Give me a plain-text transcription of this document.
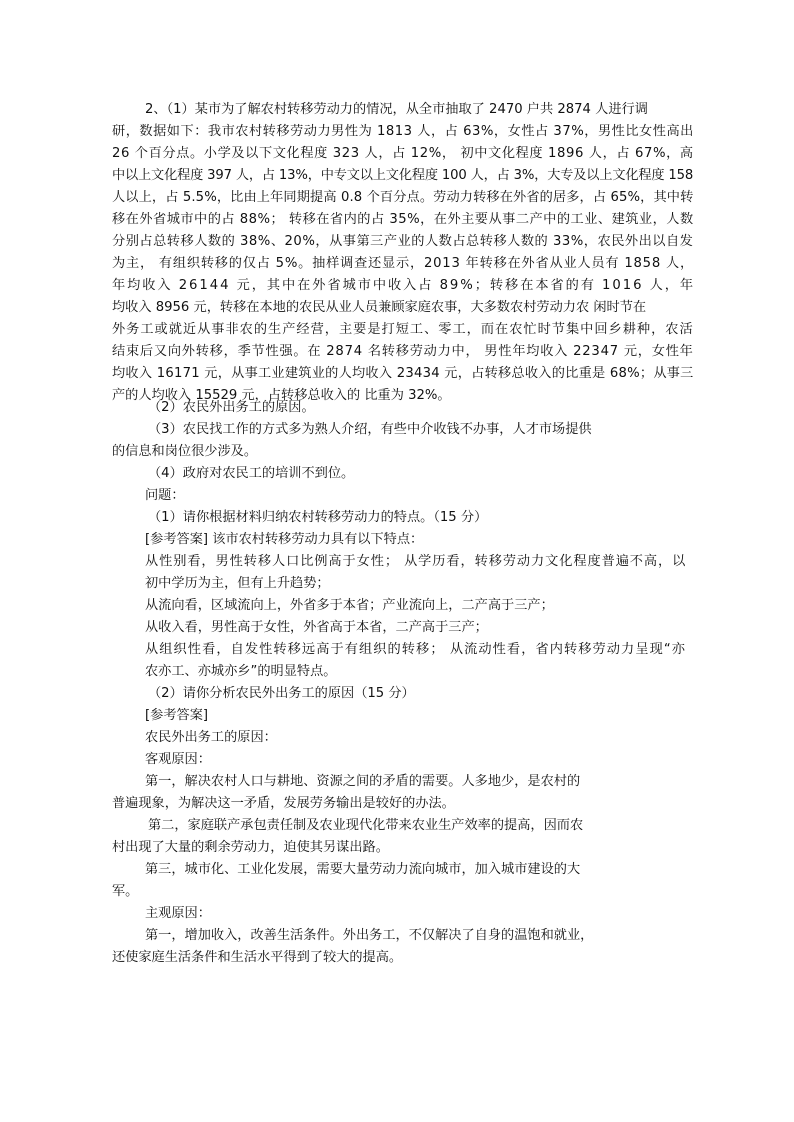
2、（1）某市为了解农村转移劳动力的情况，从全市抽取了 2470 户共 2874 人进行调
研，数据如下：我市农村转移劳动力男性为 1813 人，占 63%，女性占 37%，男性比女性高出
26 个百分点。小学及以下文化程度 323 人，占 12%， 初中文化程度 1896 人，占 67%，高
中以上文化程度 397 人，占 13%，中专文以上文化程度 100 人，占 3%，大专及以上文化程度 158
人以上，占 5.5%，比由上年同期提高 0.8 个百分点。劳动力转移在外省的居多，占 65%，其中转
移在外省城市中的占 88%； 转移在省内的占 35%，在外主要从事二产中的工业、建筑业，人数
分别占总转移人数的 38%、20%，从事第三产业的人数占总转移人数的 33%，农民外出以自发
为主， 有组织转移的仅占 5%。抽样调查还显示，2013 年转移在外省从业人员有 1858 人，
年均收入 26144 元，其中在外省城市中收入占 89%；转移在本省的有 1016 人，年
均收入 8956 元，转移在本地的农民从业人员兼顾家庭农事，大多数农村劳动力农 闲时节在
外务工或就近从事非农的生产经营，主要是打短工、零工，而在农忙时节集中回乡耕种，农活
结束后又向外转移，季节性强。在 2874 名转移劳动力中， 男性年均收入 22347 元，女性年
均收入 16171 元，从事工业建筑业的人均收入 23434 元，占转移总收入的比重是 68%；从事三
产的人均收入 15529 元，占转移总收入的 比重为 32%。
（2）农民外出务工的原因。
（3）农民找工作的方式多为熟人介绍，有些中介收钱不办事，人才市场提供
的信息和岗位很少涉及。
（4）政府对农民工的培训不到位。
问题：
（1）请你根据材料归纳农村转移劳动力的特点。（15 分）
[参考答案] 该市农村转移劳动力具有以下特点：
从性别看，男性转移人口比例高于女性； 从学历看，转移劳动力文化程度普遍不高，以
初中学历为主，但有上升趋势；
从流向看，区域流向上，外省多于本省；产业流向上，二产高于三产；
从收入看，男性高于女性，外省高于本省，二产高于三产；
从组织性看，自发性转移远高于有组织的转移； 从流动性看，省内转移劳动力呈现“亦
农亦工、亦城亦乡”的明显特点。
（2）请你分析农民外出务工的原因（15 分）
[参考答案]
农民外出务工的原因：
客观原因：
第一，解决农村人口与耕地、资源之间的矛盾的需要。人多地少，是农村的
普遍现象，为解决这一矛盾，发展劳务输出是较好的办法。
第二，家庭联产承包责任制及农业现代化带来农业生产效率的提高，因而农
村出现了大量的剩余劳动力，迫使其另谋出路。
第三，城市化、工业化发展，需要大量劳动力流向城市，加入城市建设的大
军。
主观原因：
第一，增加收入，改善生活条件。外出务工，不仅解决了自身的温饱和就业，
还使家庭生活条件和生活水平得到了较大的提高。
